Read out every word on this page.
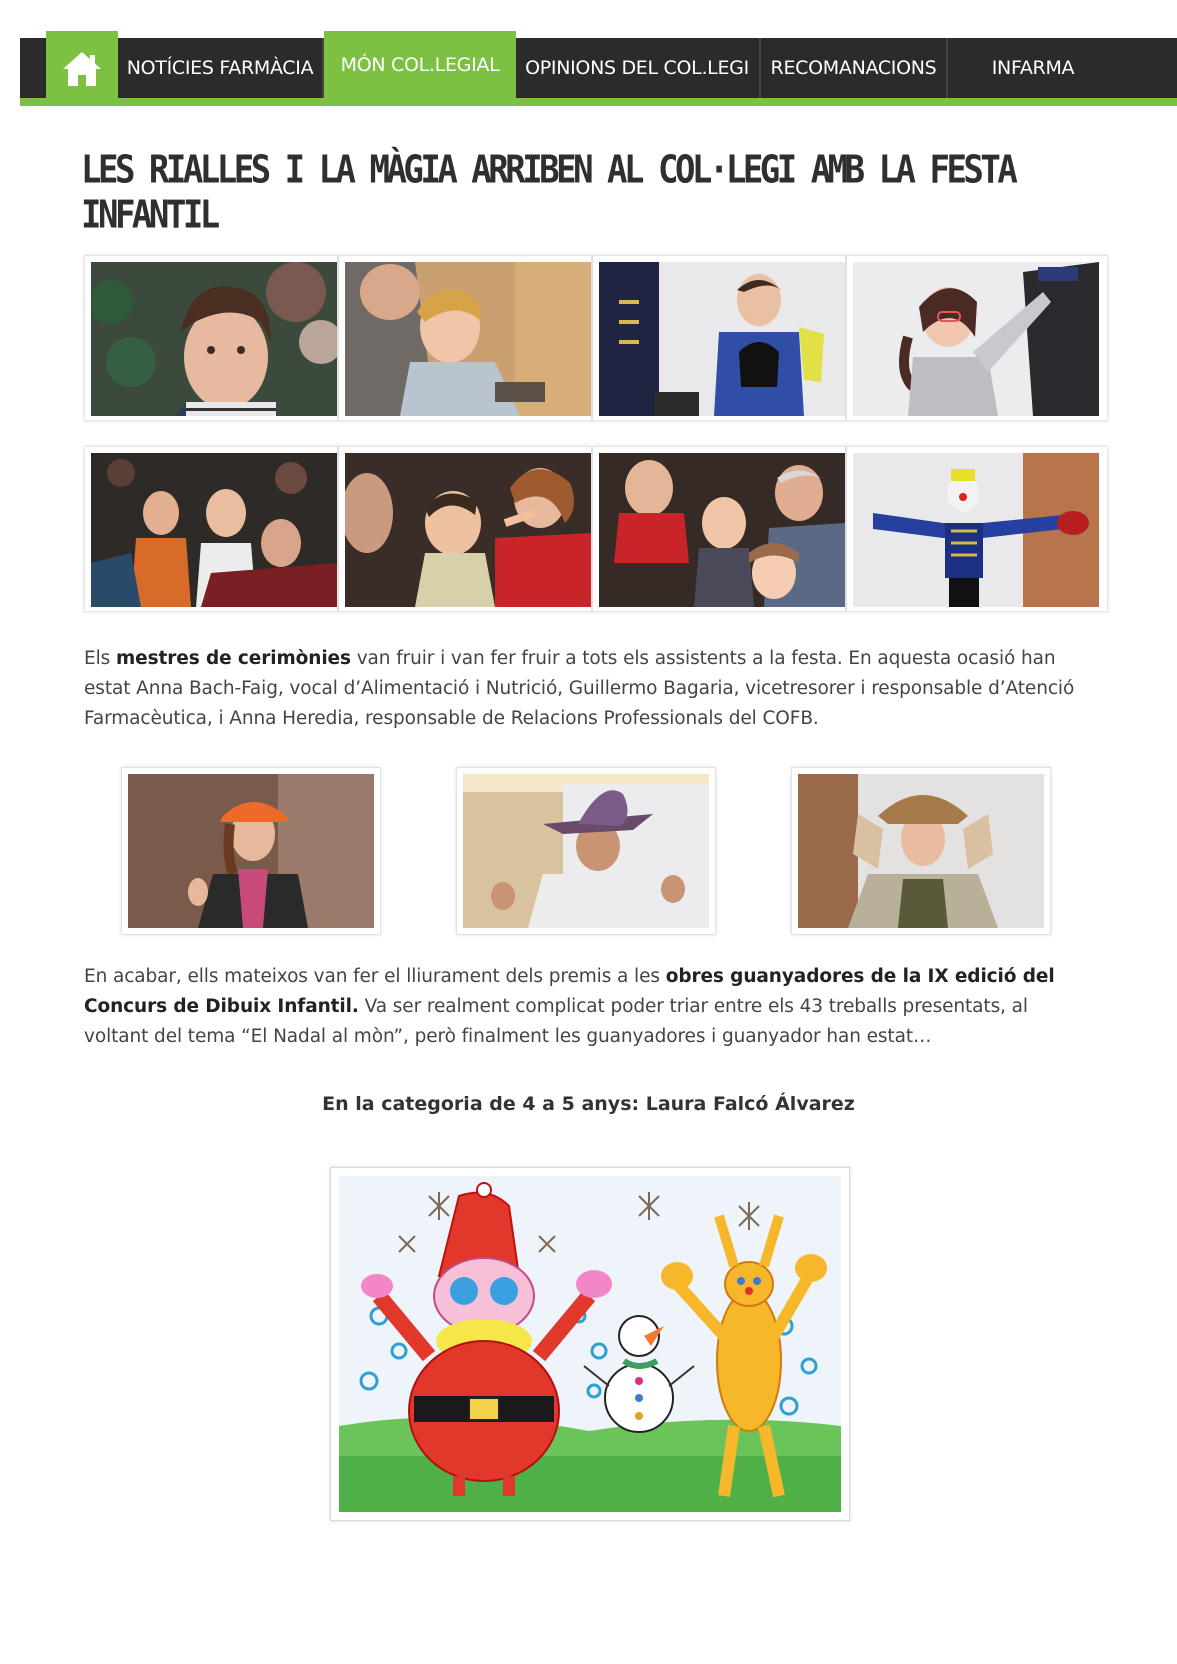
NOTÍCIES FARMÀCIA MÓN COL.LEGIAL OPINIONS DEL COL.LEGI RECOMANACIONS	INFARMA
LES RIALLES I LA MÀGIA ARRIBEN AL COL·LEGI AMB LA FESTA INFANTIL

Els mestres de cerimònies van fruir i van fer fruir a tots els assistents a la festa. En aquesta ocasió han estat Anna Bach-Faig, vocal d’Alimentació i Nutrició, Guillermo Bagaria, vicetresorer i responsable d’Atenció Farmacèutica, i Anna Heredia, responsable de Relacions Professionals del COFB.

En acabar, ells mateixos van fer el lliurament dels premis a les obres guanyadores de la IX edició del Concurs de Dibuix Infantil. Va ser realment complicat poder triar entre els 43 treballs presentats, al voltant del tema “El Nadal al mòn”, però finalment les guanyadores i guanyador han estat…

En la categoria de 4 a 5 anys: Laura Falcó Álvarez
